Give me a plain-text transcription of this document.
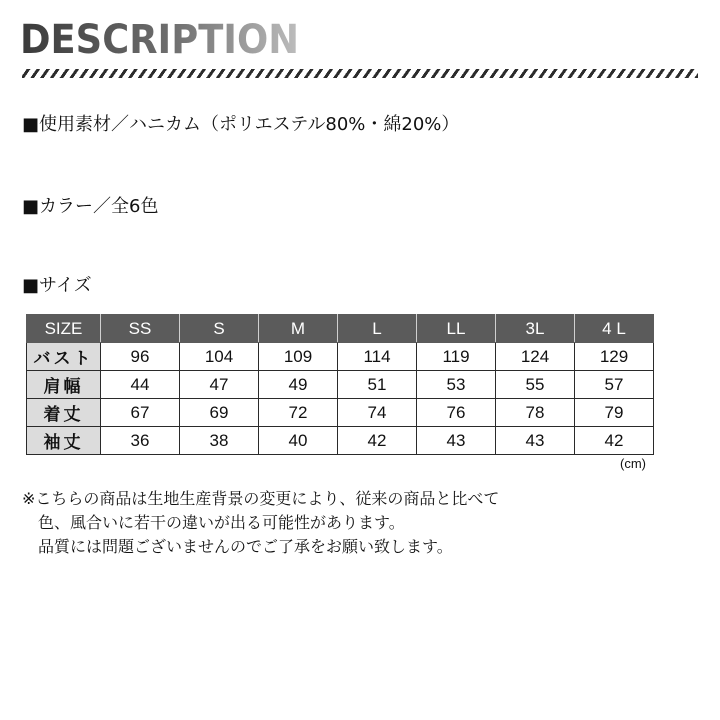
DESCRIPTION
■使用素材／ハニカム（ポリエステル80%・綿20%）
■カラー／全6色
■サイズ
SIZE	SS	S	M	L	LL	3L	4 L
バスト	96	104	109	114	119	124	129
肩幅	44	47	49	51	53	55	57
着丈	67	69	72	74	76	78	79
袖丈	36	38	40	42	43	43	42
(cm)
※こちらの商品は生地生産背景の変更により、従来の商品と比べて
　色、風合いに若干の違いが出る可能性があります。
　品質には問題ございませんのでご了承をお願い致します。
